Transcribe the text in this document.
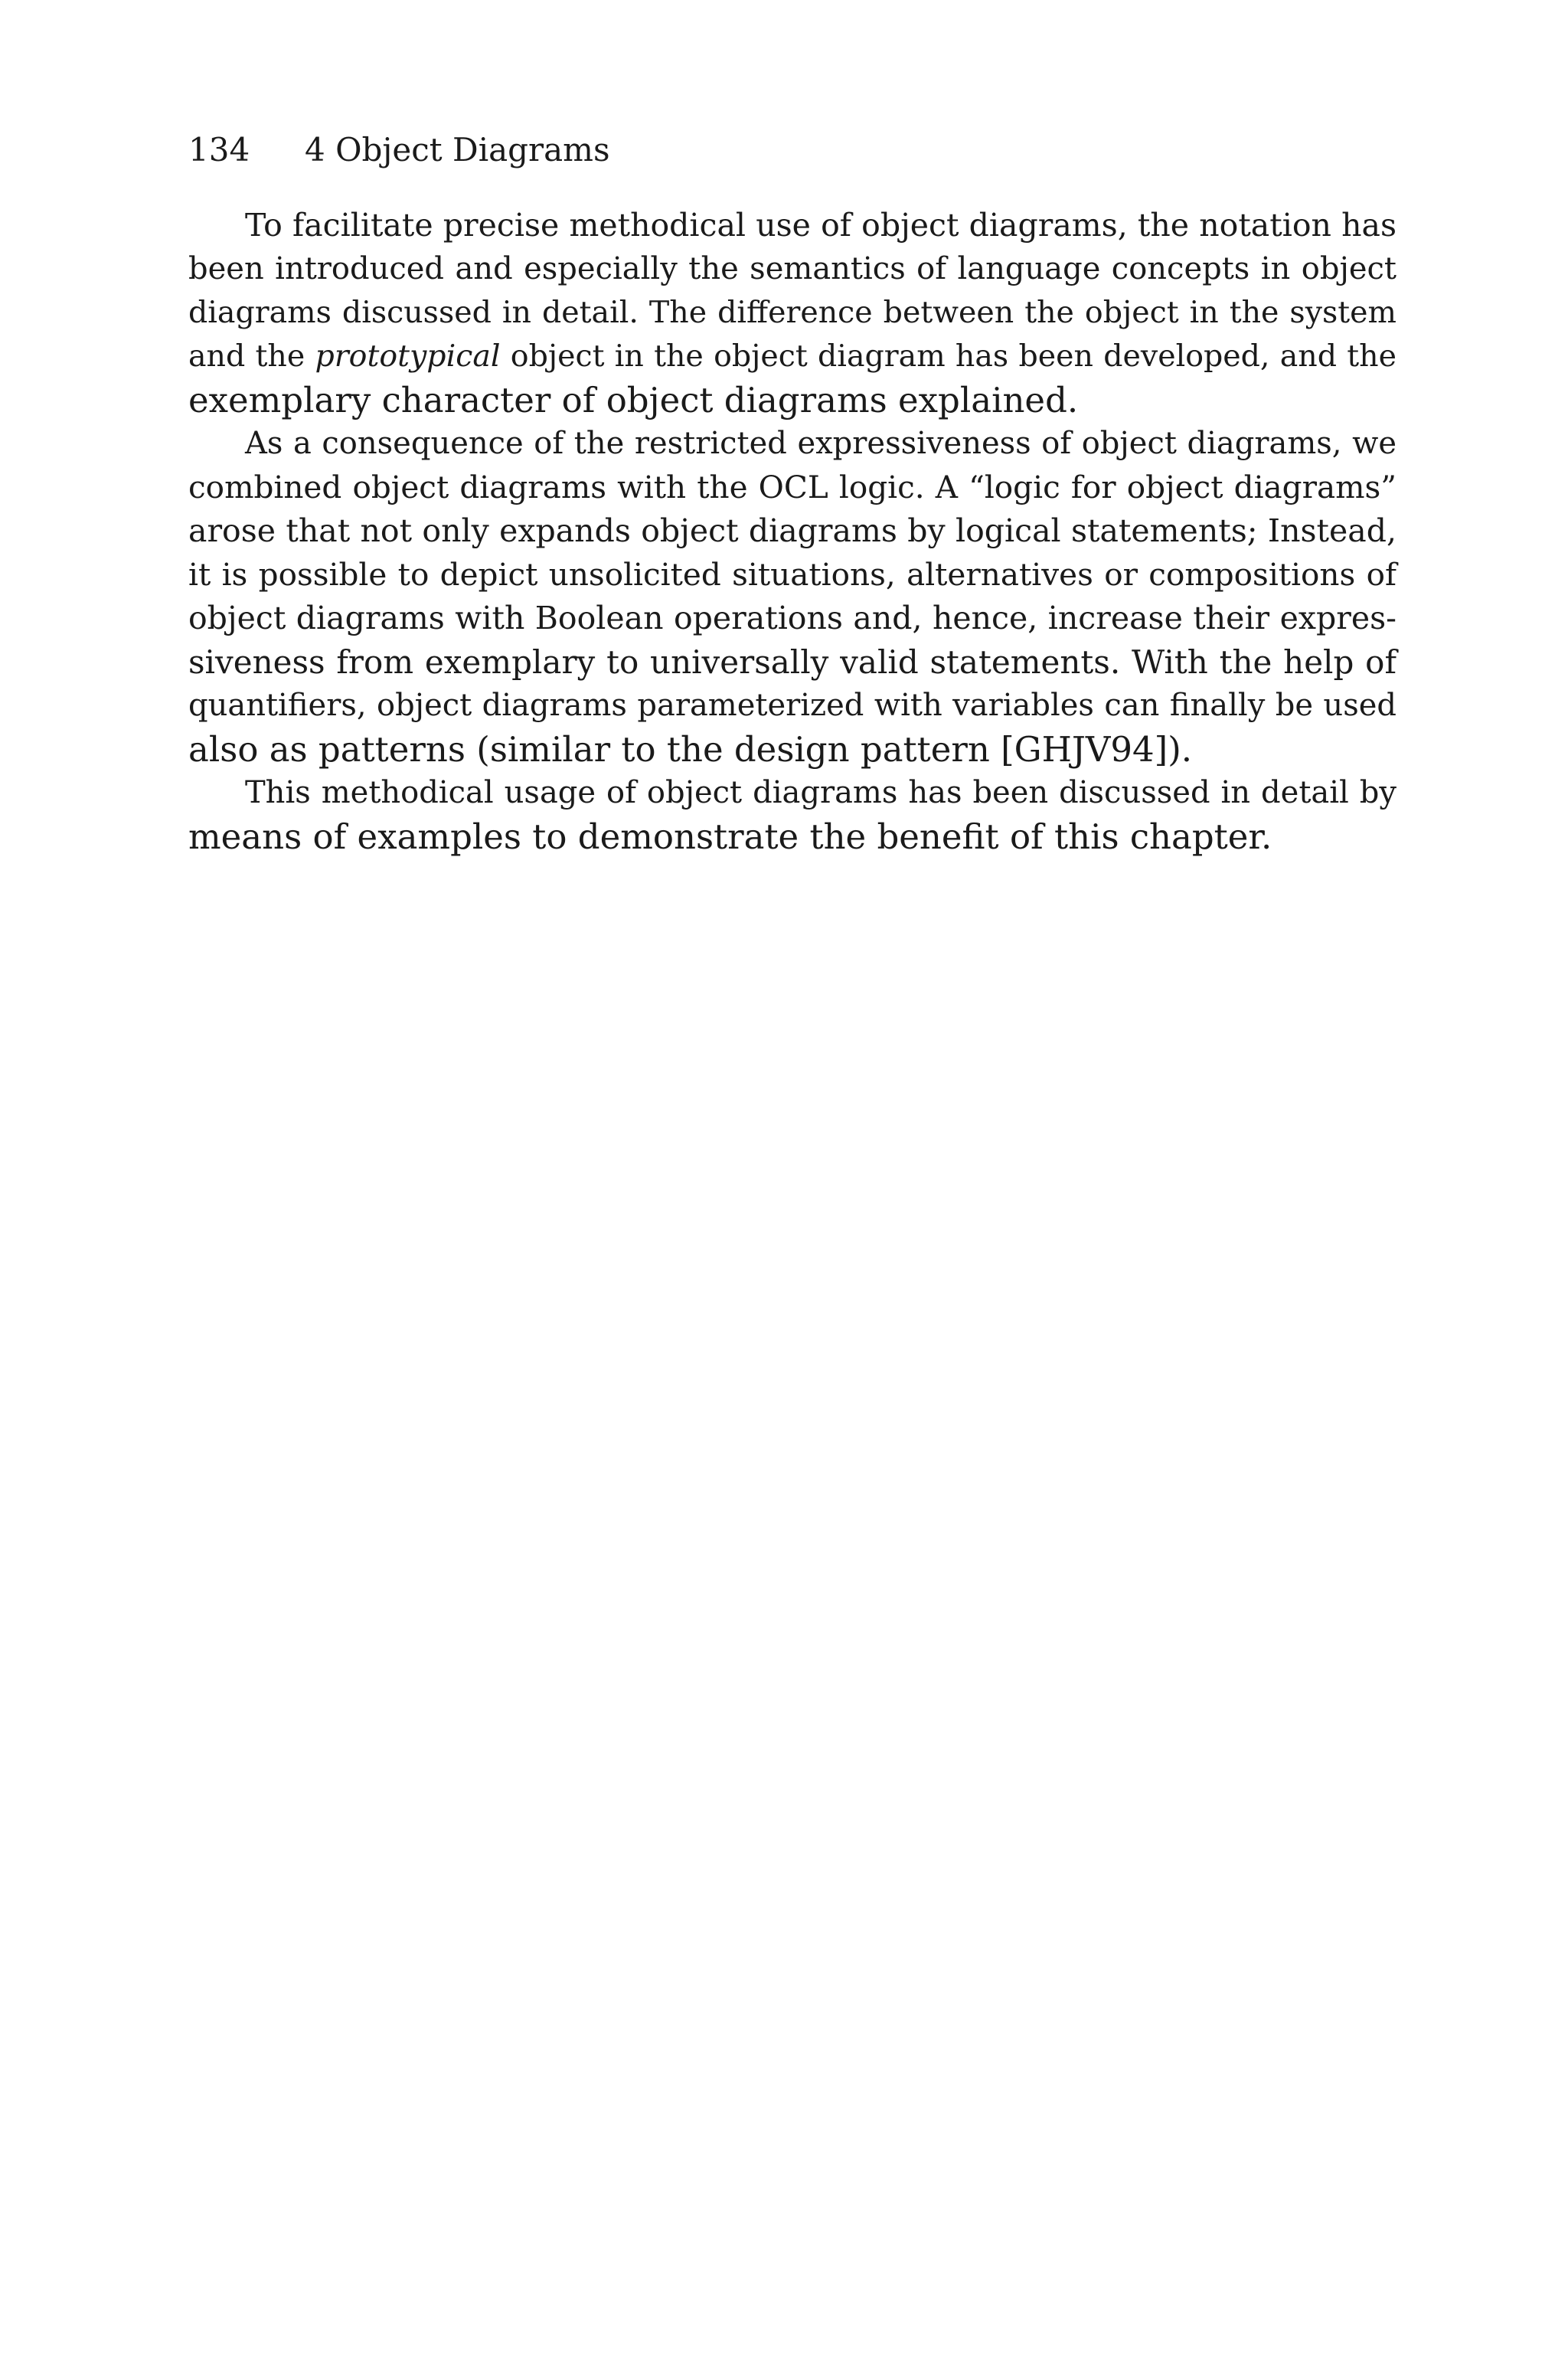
134 4 Object Diagrams
To facilitate precise methodical use of object diagrams, the notation has
been introduced and especially the semantics of language concepts in object
diagrams discussed in detail. The difference between the object in the system
and the prototypical object in the object diagram has been developed, and the
exemplary character of object diagrams explained.
As a consequence of the restricted expressiveness of object diagrams, we
combined object diagrams with the OCL logic. A “logic for object diagrams”
arose that not only expands object diagrams by logical statements; Instead,
it is possible to depict unsolicited situations, alternatives or compositions of
object diagrams with Boolean operations and, hence, increase their expres-
siveness from exemplary to universally valid statements. With the help of
quantifiers, object diagrams parameterized with variables can finally be used
also as patterns (similar to the design pattern [GHJV94]).
This methodical usage of object diagrams has been discussed in detail by
means of examples to demonstrate the benefit of this chapter.
